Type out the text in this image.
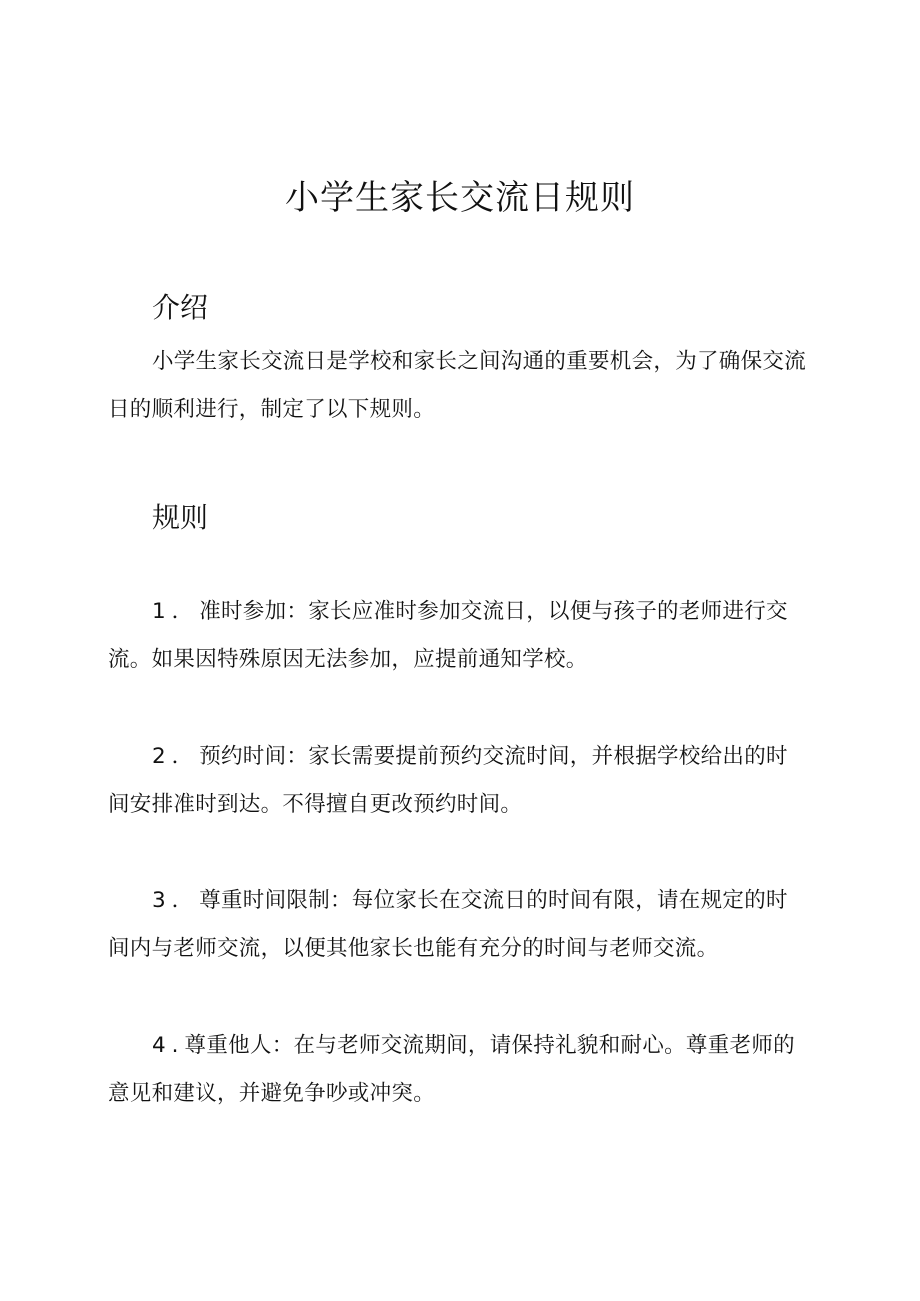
小学生家长交流日规则
介绍

小学生家长交流日是学校和家长之间沟通的重要机会，为了确保交流日的顺利进行，制定了以下规则。

规则

1．准时参加：家长应准时参加交流日，以便与孩子的老师进行交流。如果因特殊原因无法参加，应提前通知学校。

2．预约时间：家长需要提前预约交流时间，并根据学校给出的时间安排准时到达。不得擅自更改预约时间。

3．尊重时间限制：每位家长在交流日的时间有限，请在规定的时间内与老师交流，以便其他家长也能有充分的时间与老师交流。

4.尊重他人：在与老师交流期间，请保持礼貌和耐心。尊重老师的意见和建议，并避免争吵或冲突。
